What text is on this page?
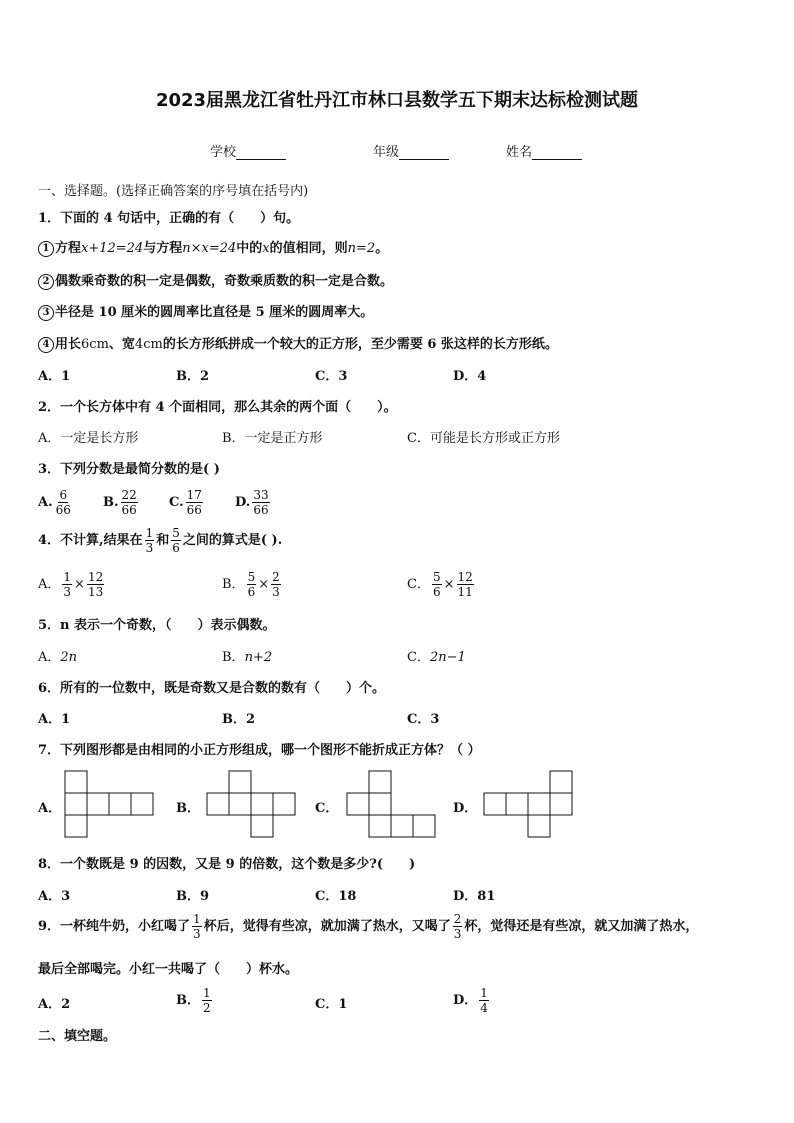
2023届黑龙江省牡丹江市林口县数学五下期末达标检测试题
学校	年级	姓名
一、选择题。(选择正确答案的序号填在括号内)
1．下面的 4 句话中，正确的有（　　）句。
1 方程x+12=24与方程n×x=24中的x的值相同，则n=2。
2 偶数乘奇数的积一定是偶数，奇数乘质数的积一定是合数。
3 半径是 10 厘米的圆周率比直径是 5 厘米的圆周率大。
4 用长6cm、宽4cm的长方形纸拼成一个较大的正方形，至少需要 6 张这样的长方形纸。
A．1	B．2	C．3	D．4
2．一个长方体中有 4 个面相同，那么其余的两个面（　　）。
A．一定是长方形	B．一定是正方形	C．可能是长方形或正方形
3．下列分数是最简分数的是( )
A. $\frac{6}{66} B$. $\frac{22}{66} C$. $\frac{17}{66} D$. $\frac{33}{66}$
4．不计算,结果在 $\frac{1}{3}$ 和 $\frac{5}{6}$ 之间的算式是( ).
A． $\frac{1}{3} \times \frac{12}{13}$	B． $\frac{5}{6} \times \frac{2}{3}$	C． $\frac{5}{6} \times \frac{12}{11}$
5．n 表示一个奇数，（　　）表示偶数。
A．2n	B．n+2	C．2n−1
6．所有的一位数中，既是奇数又是合数的数有（　　）个。
A．1	B．2	C．3
7．下列图形都是由相同的小正方形组成，哪一个图形不能折成正方体？（ ）
A．	B．	C．	D．
8．一个数既是 9 的因数，又是 9 的倍数，这个数是多少?(　　)
A．3	B．9	C．18	D．81
9．一杯纯牛奶，小红喝了 $\frac{1}{3}$ 杯后，觉得有些凉，就加满了热水，又喝了 $\frac{2}{3}$ 杯，觉得还是有些凉，就又加满了热水，
最后全部喝完。小红一共喝了（　　）杯水。
A．2	B． $\frac{1}{2}$	C．1	D． $\frac{1}{4}$
二、填空题。
